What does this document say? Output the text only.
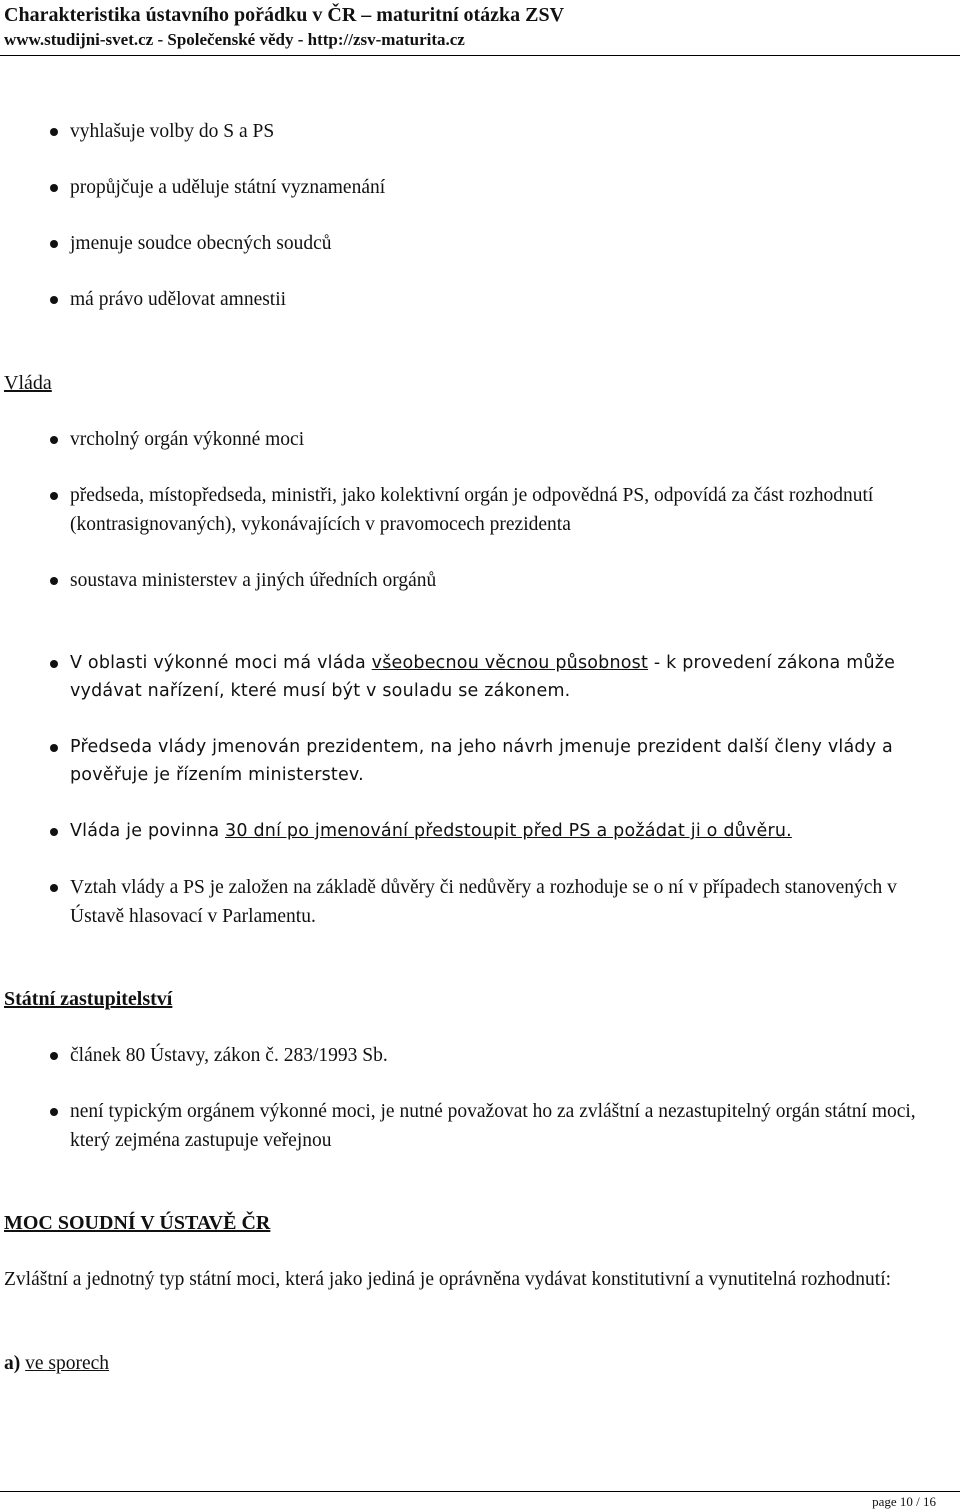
Charakteristika ústavního pořádku v ČR – maturitní otázka ZSV
www.studijni-svet.cz - Společenské vědy - http://zsv-maturita.cz
vyhlašuje volby do S a PS
propůjčuje a uděluje státní vyznamenání
jmenuje soudce obecných soudců
má právo udělovat amnestii
Vláda
vrcholný orgán výkonné moci
předseda, místopředseda, ministři, jako kolektivní orgán je odpovědná PS, odpovídá za část rozhodnutí (kontrasignovaných), vykonávajících v pravomocech prezidenta
soustava ministerstev a jiných úředních orgánů
V oblasti výkonné moci má vláda všeobecnou věcnou působnost - k provedení zákona může vydávat nařízení, které musí být v souladu se zákonem.
Předseda vlády jmenován prezidentem, na jeho návrh jmenuje prezident další členy vlády a pověřuje je řízením ministerstev.
Vláda je povinna 30 dní po jmenování předstoupit před PS a požádat ji o důvěru.
Vztah vlády a PS je založen na základě důvěry či nedůvěry a rozhoduje se o ní v případech stanovených v Ústavě hlasovací v Parlamentu.
Státní zastupitelství
článek 80 Ústavy, zákon č. 283/1993 Sb.
není typickým orgánem výkonné moci, je nutné považovat ho za zvláštní a nezastupitelný orgán státní moci, který zejména zastupuje veřejnou
MOC SOUDNÍ V ÚSTAVĚ ČR
Zvláštní a jednotný typ státní moci, která jako jediná je oprávněna vydávat konstitutivní a vynutitelná rozhodnutí:
a) ve sporech
page 10 / 16
